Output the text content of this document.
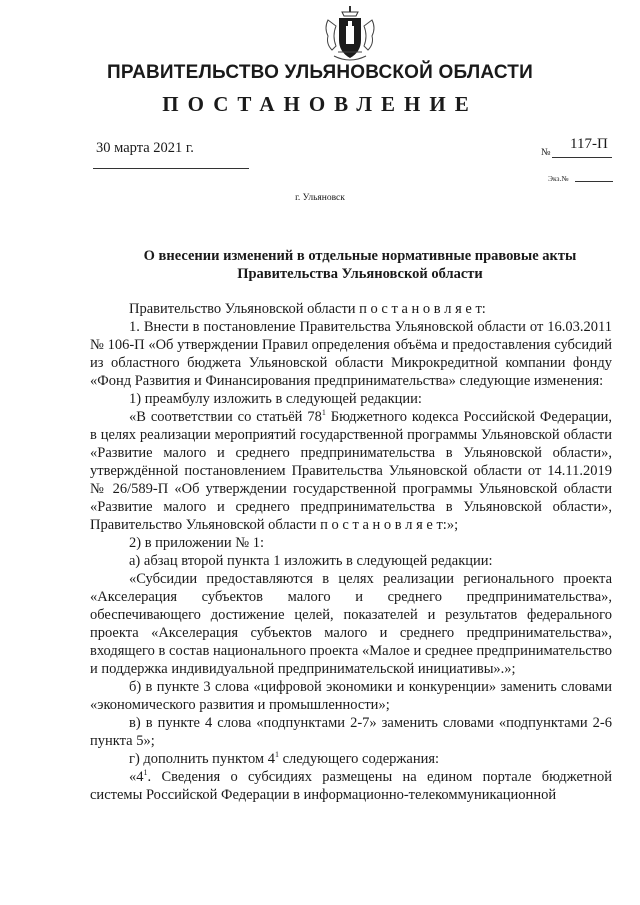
ПРАВИТЕЛЬСТВО УЛЬЯНОВСКОЙ ОБЛАСТИ
ПОСТАНОВЛЕНИЕ
30 марта 2021 г.	№
117-П
Экз.№
г. Ульяновск
О внесении изменений в отдельные нормативные правовые акты
Правительства Ульяновской области

Правительство Ульяновской области п о с т а н о в л я е т:

1. Внести в постановление Правительства Ульяновской области от 16.03.2011 № 106-П «Об утверждении Правил определения объёма и предоставления субсидий из областного бюджета Ульяновской области Микрокредитной компании фонду «Фонд Развития и Финансирования предпринимательства» следующие изменения:

1) преамбулу изложить в следующей редакции:

«В соответствии со статьёй $78^1$ Бюджетного кодекса Российской Федерации, в целях реализации мероприятий государственной программы Ульяновской области «Развитие малого и среднего предпринимательства в Ульяновской области», утверждённой постановлением Правительства Ульяновской области от 14.11.2019 № 26/589-П «Об утверждении государственной программы Ульяновской области «Развитие малого и среднего предпринимательства в Ульяновской области», Правительство Ульяновской области п о с т а н о в л я е т:»;

2) в приложении № 1:

а) абзац второй пункта 1 изложить в следующей редакции:

«Субсидии предоставляются в целях реализации регионального проекта «Акселерация субъектов малого и среднего предпринимательства», обеспечивающего достижение целей, показателей и результатов федерального проекта «Акселерация субъектов малого и среднего предпринимательства», входящего в состав национального проекта «Малое и среднее предпринимательство и поддержка индивидуальной предпринимательской инициативы».»;

б) в пункте 3 слова «цифровой экономики и конкуренции» заменить словами «экономического развития и промышленности»;

в) в пункте 4 слова «подпунктами 2-7» заменить словами «подпунктами 2-6 пункта 5»;

г) дополнить пунктом $4^1$ следующего содержания:

«$4^1$. Сведения о субсидиях размещены на едином портале бюджетной системы Российской Федерации в информационно-телекоммуникационной
